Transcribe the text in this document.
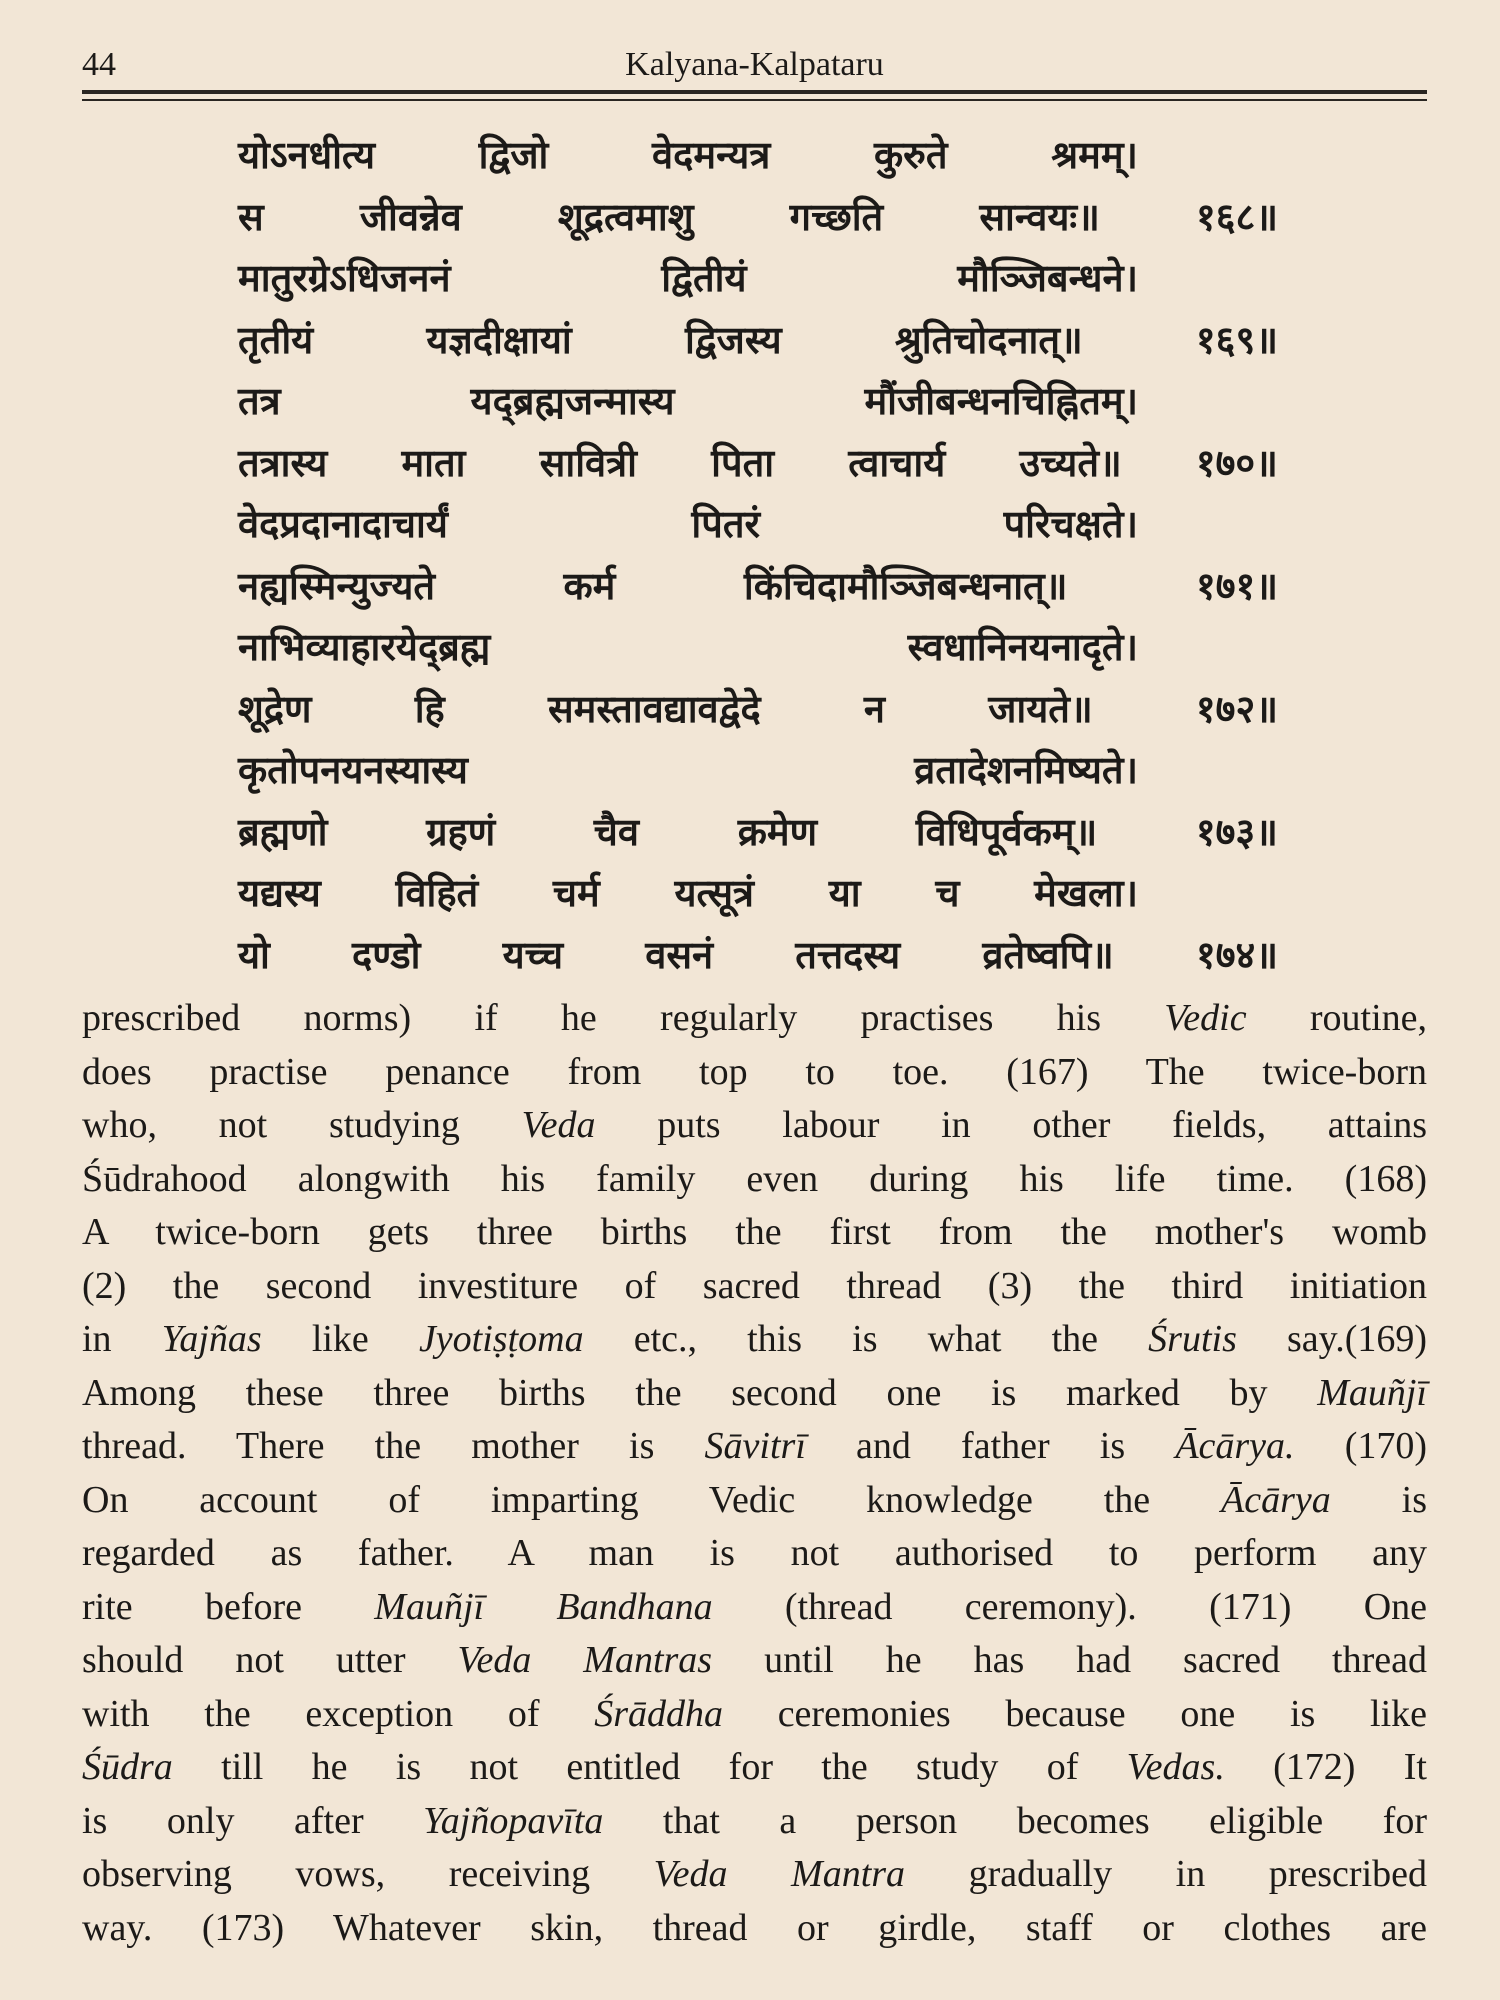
44	Kalyana-Kalpataru
योऽनधीत्य	द्विजो	वेदमन्यत्र	कुरुते	श्रमम्।
स	जीवन्नेव	शूद्रत्वमाशु	गच्छति	सान्वयः॥	१६८॥
मातुरग्रेऽधिजननं	द्वितीयं	मौञ्जिबन्धने।
तृतीयं	यज्ञदीक्षायां	द्विजस्य	श्रुतिचोदनात्॥	१६९॥
तत्र	यद्ब्रह्मजन्मास्य	मौंजीबन्धनचिह्नितम्।
तत्रास्य माता सावित्री पिता त्वाचार्य उच्यते॥ १७०॥
वेदप्रदानादाचार्यं	पितरं	परिचक्षते।
नह्यस्मिन्युज्यते	कर्म	किंचिदामौञ्जिबन्धनात्॥	१७१॥
नाभिव्याहारयेद्ब्रह्म	स्वधानिनयनादृते।
शूद्रेण	हि	समस्तावद्यावद्वेदे	न	जायते॥	१७२॥
कृतोपनयनस्यास्य	व्रतादेशनमिष्यते।
ब्रह्मणो	ग्रहणं	चैव	क्रमेण	विधिपूर्वकम्॥	१७३॥
यद्यस्य विहितं चर्म यत्सूत्रं या च मेखला।
यो दण्डो यच्च वसनं तत्तदस्य व्रतेष्वपि॥ १७४॥
prescribed norms) if he regularly practises his Vedic routine,
does practise penance from top to toe. (167) The twice-born
who, not studying Veda puts labour in other fields, attains
Śūdrahood alongwith his family even during his life time. (168)
A twice-born gets three births the first from the mother's womb
(2) the second investiture of sacred thread (3) the third initiation
in Yajñas like Jyotiṣṭoma etc., this is what the Śrutis say.(169)
Among these three births the second one is marked by Mauñjī
thread. There the mother is Sāvitrī and father is Ācārya. (170)
On account of imparting Vedic knowledge the Ācārya is
regarded as father. A man is not authorised to perform any
rite before Mauñjī Bandhana (thread ceremony). (171) One
should not utter Veda Mantras until he has had sacred thread
with the exception of Śrāddha ceremonies because one is like
Śūdra till he is not entitled for the study of Vedas. (172) It
is only after Yajñopavīta that a person becomes eligible for
observing vows, receiving Veda Mantra gradually in prescribed
way. (173) Whatever skin, thread or girdle, staff or clothes are
